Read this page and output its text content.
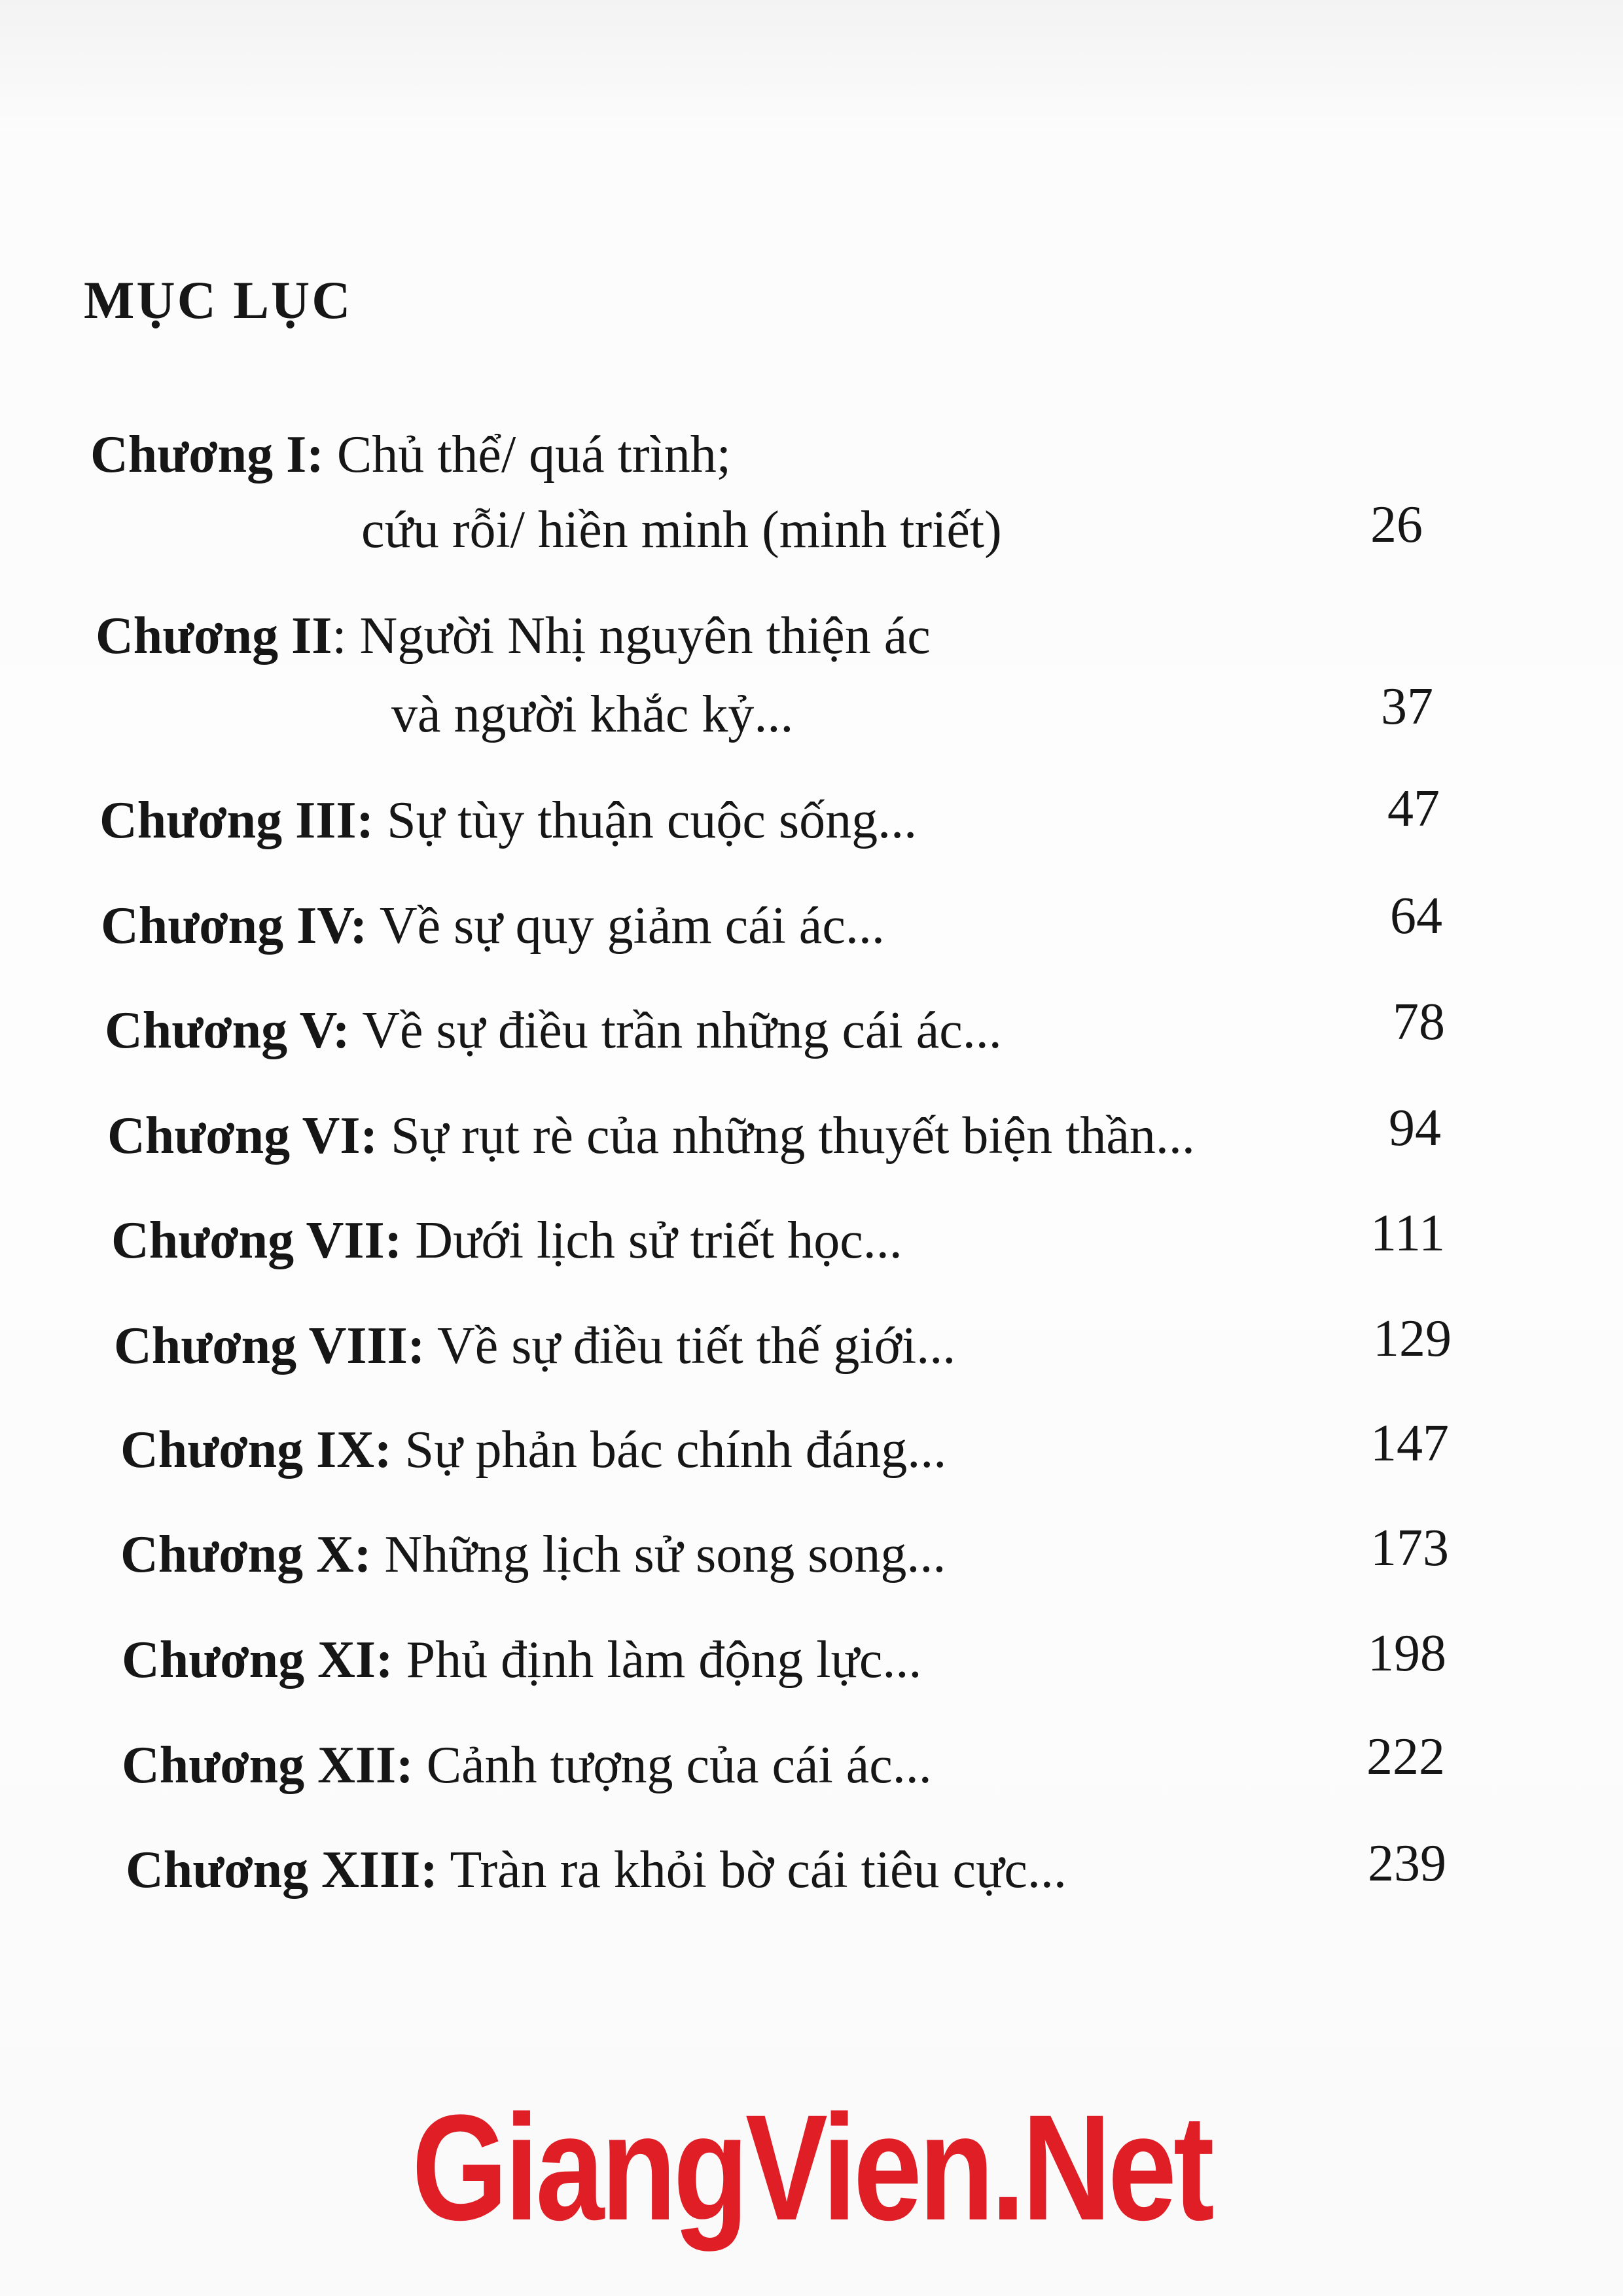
MỤC LỤC
Chương I: Chủ thể/ quá trình;
cứu rỗi/ hiền minh (minh triết)	26
Chương II: Người Nhị nguyên thiện ác
và người khắc kỷ...	37
Chương III: Sự tùy thuận cuộc sống...	47
Chương IV: Về sự quy giảm cái ác...	64
Chương V: Về sự điều trần những cái ác...	78
Chương VI: Sự rụt rè của những thuyết biện thần...	94
Chương VII: Dưới lịch sử triết học...	111
Chương VIII: Về sự điều tiết thế giới...	129
Chương IX: Sự phản bác chính đáng...	147
Chương X: Những lịch sử song song...	173
Chương XI: Phủ định làm động lực...	198
Chương XII: Cảnh tượng của cái ác...	222
Chương XIII: Tràn ra khỏi bờ cái tiêu cực...	239
GiangVien.Net
